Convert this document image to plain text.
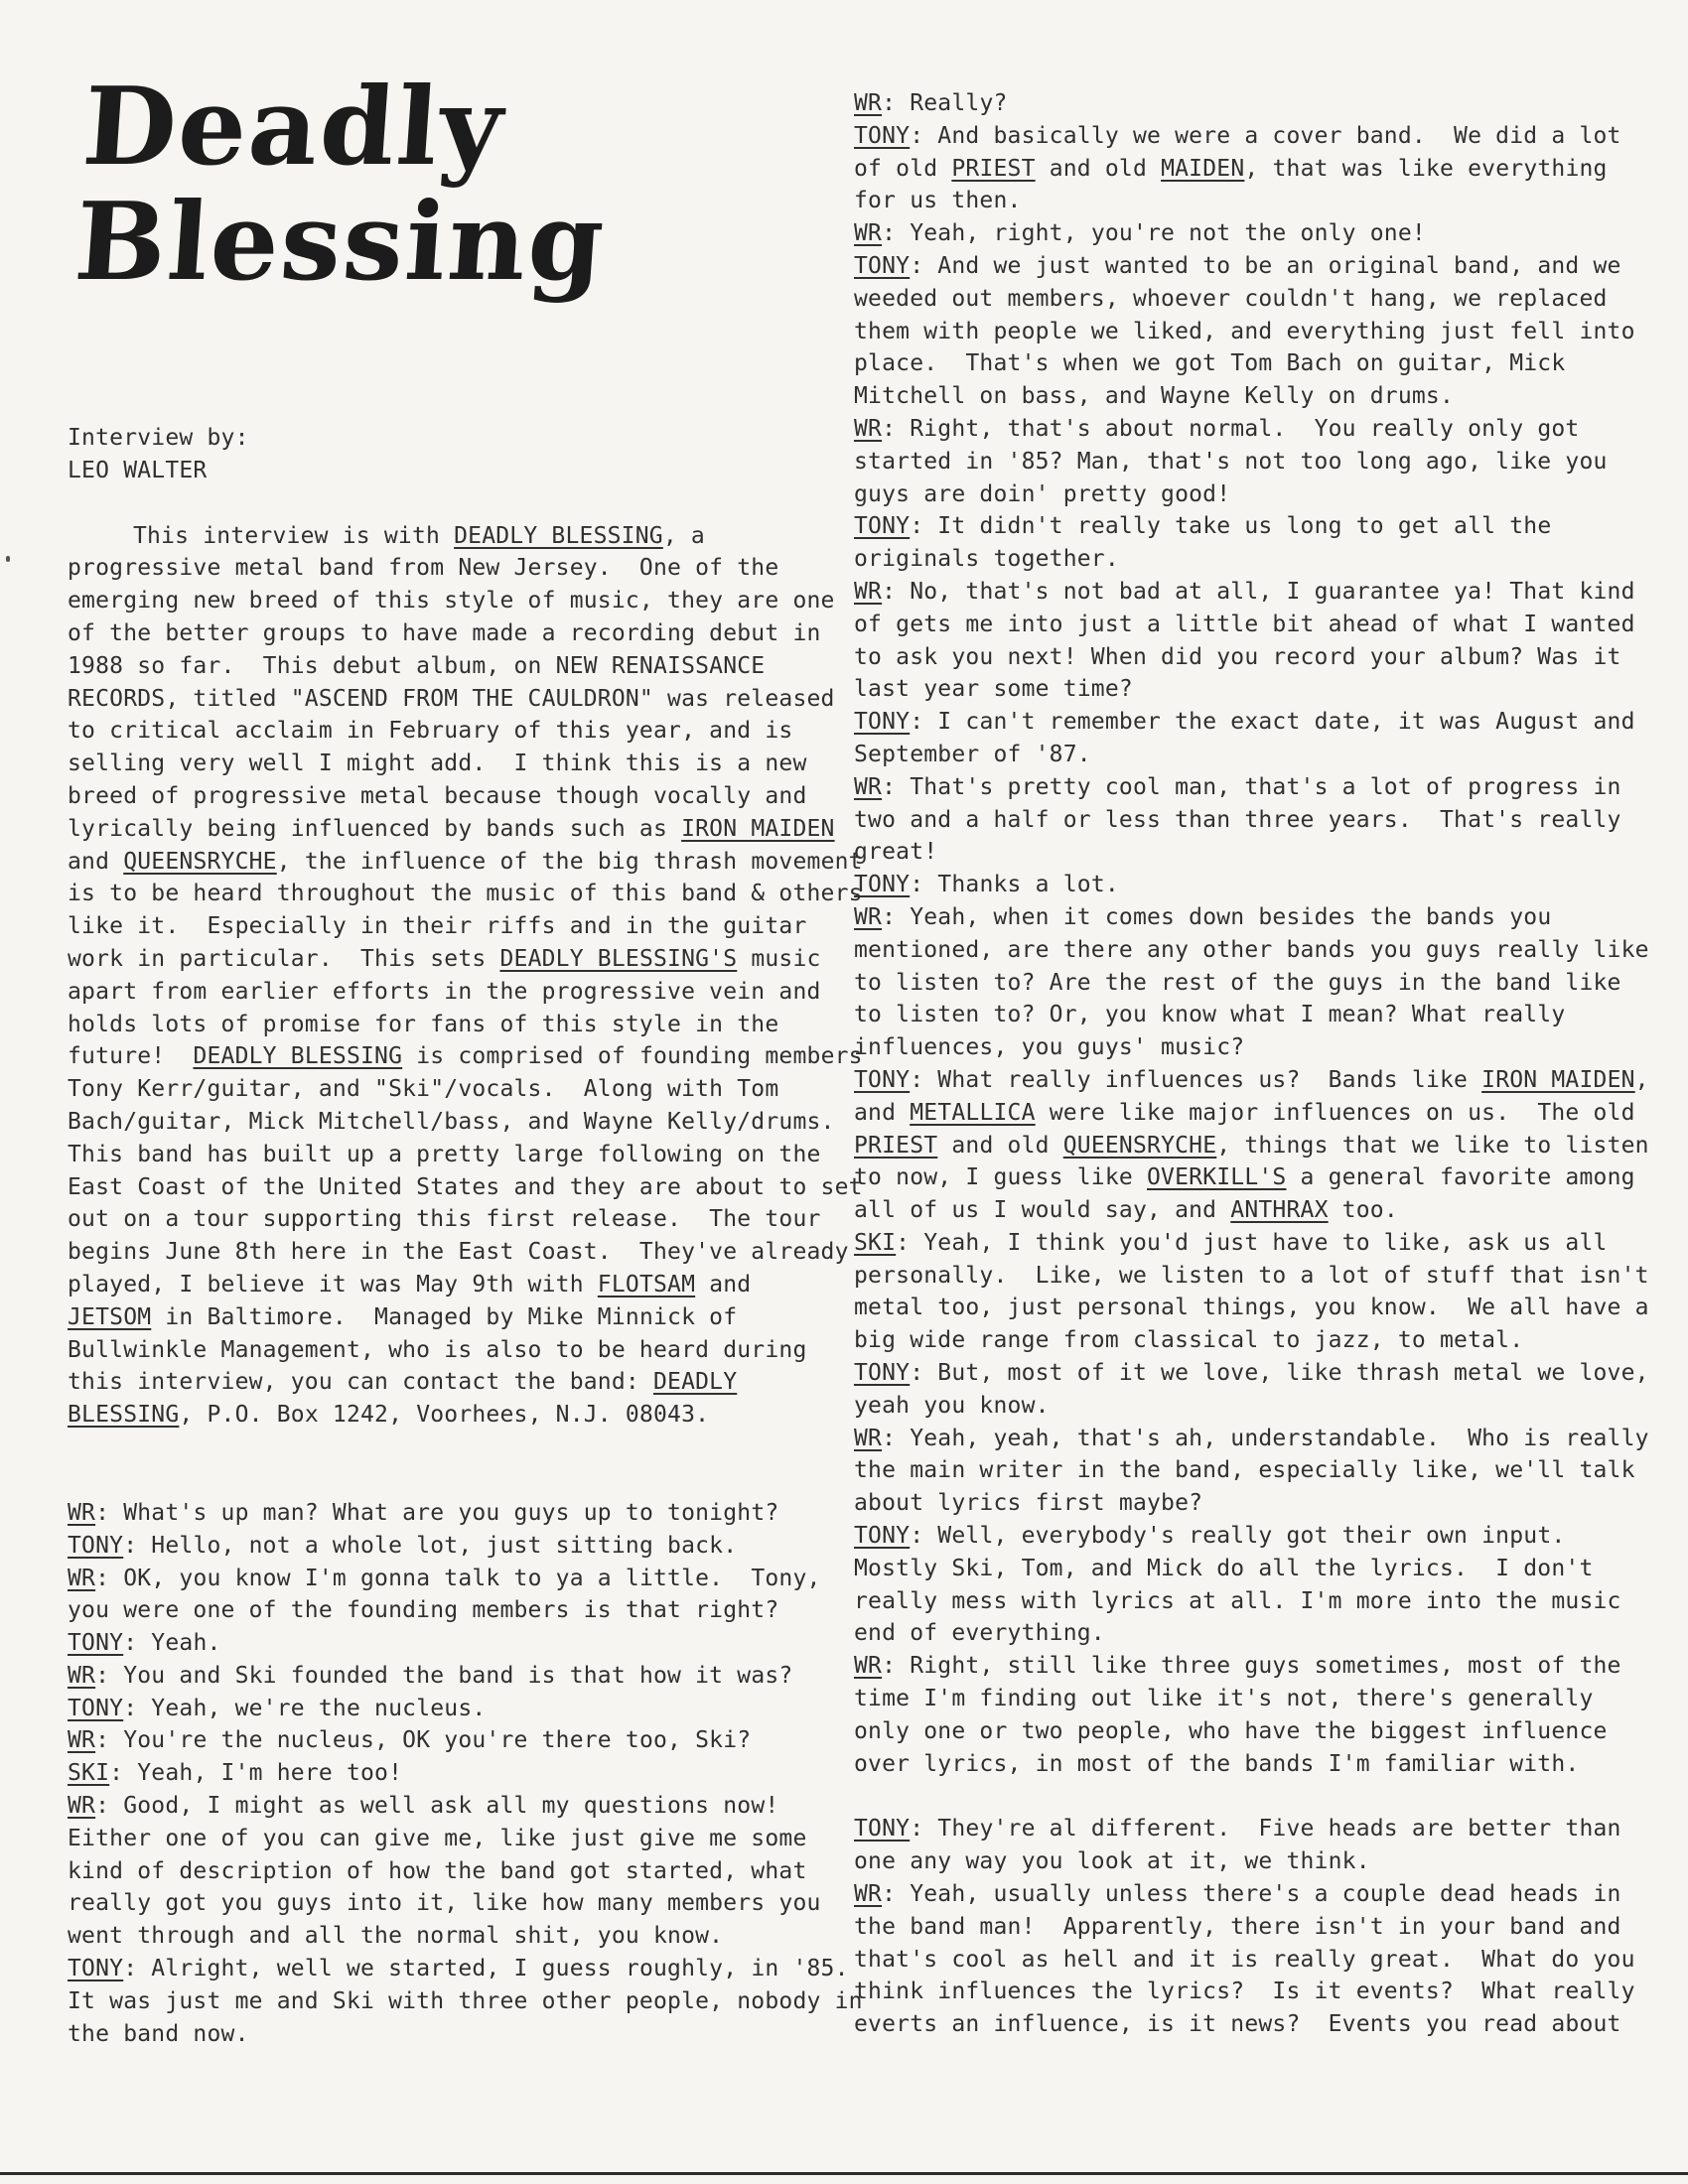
Deadly
Blessing

Interview by:
LEO WALTER

This interview is with DEADLY BLESSING, a
progressive metal band from New Jersey.  One of the
emerging new breed of this style of music, they are one
of the better groups to have made a recording debut in
1988 so far.  This debut album, on NEW RENAISSANCE
RECORDS, titled "ASCEND FROM THE CAULDRON" was released
to critical acclaim in February of this year, and is
selling very well I might add.  I think this is a new
breed of progressive metal because though vocally and
lyrically being influenced by bands such as IRON MAIDEN
and QUEENSRYCHE, the influence of the big thrash movement
is to be heard throughout the music of this band & others
like it.  Especially in their riffs and in the guitar
work in particular.  This sets DEADLY BLESSING'S music
apart from earlier efforts in the progressive vein and
holds lots of promise for fans of this style in the
future!  DEADLY BLESSING is comprised of founding members
Tony Kerr/guitar, and "Ski"/vocals.  Along with Tom
Bach/guitar, Mick Mitchell/bass, and Wayne Kelly/drums.
This band has built up a pretty large following on the
East Coast of the United States and they are about to set
out on a tour supporting this first release.  The tour
begins June 8th here in the East Coast.  They've already
played, I believe it was May 9th with FLOTSAM and
JETSOM in Baltimore.  Managed by Mike Minnick of
Bullwinkle Management, who is also to be heard during
this interview, you can contact the band: DEADLY
BLESSING, P.O. Box 1242, Voorhees, N.J. 08043.

WR: What's up man? What are you guys up to tonight?
TONY: Hello, not a whole lot, just sitting back.
WR: OK, you know I'm gonna talk to ya a little.  Tony,
you were one of the founding members is that right?
TONY: Yeah.
WR: You and Ski founded the band is that how it was?
TONY: Yeah, we're the nucleus.
WR: You're the nucleus, OK you're there too, Ski?
SKI: Yeah, I'm here too!
WR: Good, I might as well ask all my questions now!
Either one of you can give me, like just give me some
kind of description of how the band got started, what
really got you guys into it, like how many members you
went through and all the normal shit, you know.
TONY: Alright, well we started, I guess roughly, in '85.
It was just me and Ski with three other people, nobody in
the band now.

WR: Really?
TONY: And basically we were a cover band.  We did a lot
of old PRIEST and old MAIDEN, that was like everything
for us then.
WR: Yeah, right, you're not the only one!
TONY: And we just wanted to be an original band, and we
weeded out members, whoever couldn't hang, we replaced
them with people we liked, and everything just fell into
place.  That's when we got Tom Bach on guitar, Mick
Mitchell on bass, and Wayne Kelly on drums.
WR: Right, that's about normal.  You really only got
started in '85? Man, that's not too long ago, like you
guys are doin' pretty good!
TONY: It didn't really take us long to get all the
originals together.
WR: No, that's not bad at all, I guarantee ya! That kind
of gets me into just a little bit ahead of what I wanted
to ask you next! When did you record your album? Was it
last year some time?
TONY: I can't remember the exact date, it was August and
September of '87.
WR: That's pretty cool man, that's a lot of progress in
two and a half or less than three years.  That's really
great!
TONY: Thanks a lot.
WR: Yeah, when it comes down besides the bands you
mentioned, are there any other bands you guys really like
to listen to? Are the rest of the guys in the band like
to listen to? Or, you know what I mean? What really
influences, you guys' music?
TONY: What really influences us?  Bands like IRON MAIDEN,
and METALLICA were like major influences on us.  The old
PRIEST and old QUEENSRYCHE, things that we like to listen
to now, I guess like OVERKILL'S a general favorite among
all of us I would say, and ANTHRAX too.
SKI: Yeah, I think you'd just have to like, ask us all
personally.  Like, we listen to a lot of stuff that isn't
metal too, just personal things, you know.  We all have a
big wide range from classical to jazz, to metal.
TONY: But, most of it we love, like thrash metal we love,
yeah you know.
WR: Yeah, yeah, that's ah, understandable.  Who is really
the main writer in the band, especially like, we'll talk
about lyrics first maybe?
TONY: Well, everybody's really got their own input.
Mostly Ski, Tom, and Mick do all the lyrics.  I don't
really mess with lyrics at all. I'm more into the music
end of everything.
WR: Right, still like three guys sometimes, most of the
time I'm finding out like it's not, there's generally
only one or two people, who have the biggest influence
over lyrics, in most of the bands I'm familiar with.
TONY: They're al different.  Five heads are better than
one any way you look at it, we think.
WR: Yeah, usually unless there's a couple dead heads in
the band man!  Apparently, there isn't in your band and
that's cool as hell and it is really great.  What do you
think influences the lyrics?  Is it events?  What really
everts an influence, is it news?  Events you read about
